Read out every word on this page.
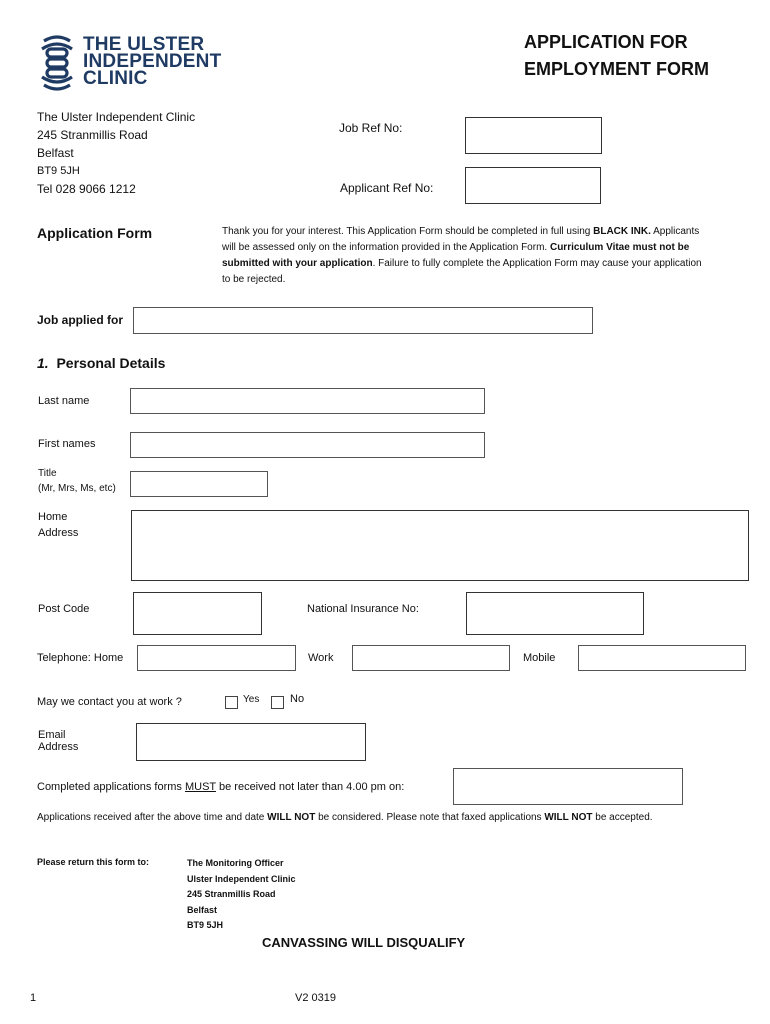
THE ULSTER
INDEPENDENT
CLINIC
APPLICATION FOR
EMPLOYMENT FORM
The Ulster Independent Clinic
245 Stranmillis Road
Belfast
BT9 5JH
Tel 028 9066 1212
Job Ref No:
Applicant Ref No:
Application Form	Thank you for your interest. This Application Form should be completed in full using BLACK INK. Applicants will be assessed only on the information provided in the Application Form. Curriculum Vitae must not be submitted with your application. Failure to fully complete the Application Form may cause your application to be rejected.
Job applied for
1. Personal Details
Last name
First names
Title
(Mr, Mrs, Ms, etc)
Home
Address
Post Code	National Insurance No:
Telephone: Home	Work	Mobile
May we contact you at work ?	Yes	No
Email
Address
Completed applications forms MUST be received not later than 4.00 pm on:
Applications received after the above time and date WILL NOT be considered. Please note that faxed applications WILL NOT be accepted.
Please return this form to:	The Monitoring Officer
Ulster Independent Clinic
245 Stranmillis Road
Belfast
BT9 5JH
CANVASSING WILL DISQUALIFY
1	V2 0319
